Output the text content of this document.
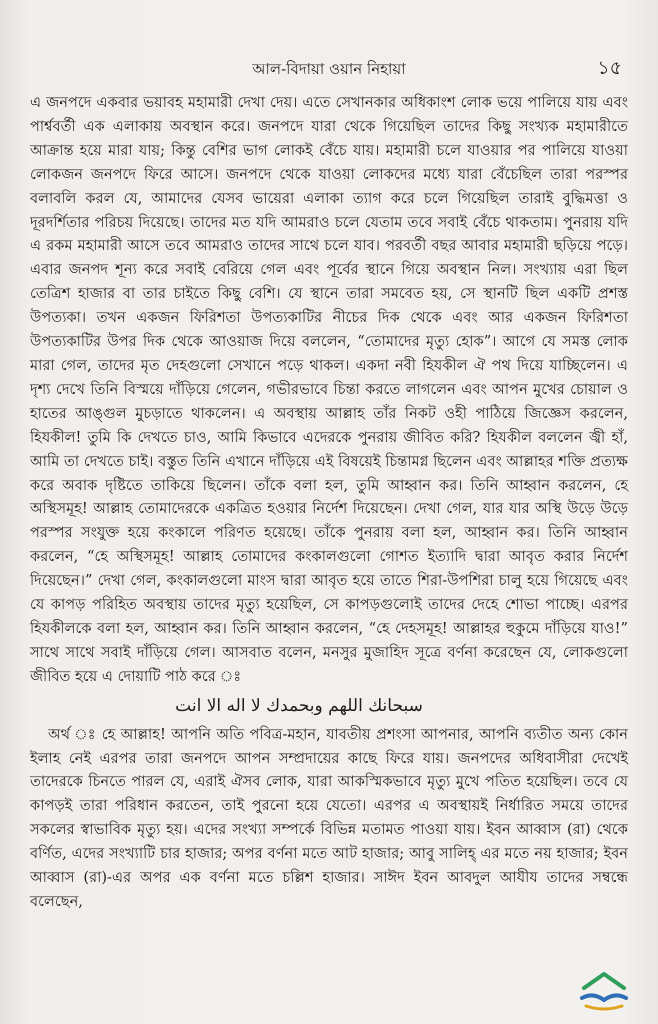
আল-বিদায়া ওয়ান নিহায়া	১৫

এ জনপদে একবার ভয়াবহ মহামারী দেখা দেয়। এতে সেখানকার অধিকাংশ লোক ভয়ে পালিয়ে যায় এবং পার্শ্ববর্তী এক এলাকায় অবস্থান করে। জনপদে যারা থেকে গিয়েছিল তাদের কিছু সংখ্যক মহামারীতে আক্রান্ত হয়ে মারা যায়; কিন্তু বেশির ভাগ লোকই বেঁচে যায়। মহামারী চলে যাওয়ার পর পালিয়ে যাওয়া লোকজন জনপদে ফিরে আসে। জনপদে থেকে যাওয়া লোকদের মধ্যে যারা বেঁচেছিল তারা পরস্পর বলাবলি করল যে, আমাদের যেসব ভায়েরা এলাকা ত্যাগ করে চলে গিয়েছিল তারাই বুদ্ধিমত্তা ও দূরদর্শিতার পরিচয় দিয়েছে। তাদের মত যদি আমরাও চলে যেতাম তবে সবাই বেঁচে থাকতাম। পুনরায় যদি এ রকম মহামারী আসে তবে আমরাও তাদের সাথে চলে যাব। পরবর্তী বছর আবার মহামারী ছড়িয়ে পড়ে। এবার জনপদ শূন্য করে সবাই বেরিয়ে গেল এবং পূর্বের স্থানে গিয়ে অবস্থান নিল। সংখ্যায় এরা ছিল তেত্রিশ হাজার বা তার চাইতে কিছু বেশি। যে স্থানে তারা সমবেত হয়, সে স্থানটি ছিল একটি প্রশস্ত উপত্যকা। তখন একজন ফিরিশতা উপত্যকাটির নীচের দিক থেকে এবং আর একজন ফিরিশতা উপত্যকাটির উপর দিক থেকে আওয়াজ দিয়ে বললেন, “তোমাদের মৃত্যু হোক”। আগে যে সমস্ত লোক মারা গেল, তাদের মৃত দেহগুলো সেখানে পড়ে থাকল। একদা নবী হিযকীল ঐ পথ দিয়ে যাচ্ছিলেন। এ দৃশ্য দেখে তিনি বিস্ময়ে দাঁড়িয়ে গেলেন, গভীরভাবে চিন্তা করতে লাগলেন এবং আপন মুখের চোয়াল ও হাতের আঙ্গুল মুচড়াতে থাকলেন। এ অবস্থায় আল্লাহ তাঁর নিকট ওহী পাঠিয়ে জিজ্ঞেস করলেন, হিযকীল! তুমি কি দেখতে চাও, আমি কিভাবে এদেরকে পুনরায় জীবিত করি? হিযকীল বললেন জ্বী হাঁ, আমি তা দেখতে চাই। বস্তুত তিনি এখানে দাঁড়িয়ে এই বিষয়েই চিন্তামগ্ন ছিলেন এবং আল্লাহর শক্তি প্রত্যক্ষ করে অবাক দৃষ্টিতে তাকিয়ে ছিলেন। তাঁকে বলা হল, তুমি আহ্বান কর। তিনি আহ্বান করলেন, হে অস্থিসমূহ! আল্লাহ তোমাদেরকে একত্রিত হওয়ার নির্দেশ দিয়েছেন। দেখা গেল, যার যার অস্থি উড়ে উড়ে পরস্পর সংযুক্ত হয়ে কংকালে পরিণত হয়েছে। তাঁকে পুনরায় বলা হল, আহ্বান কর। তিনি আহ্বান করলেন, “হে অস্থিসমূহ! আল্লাহ তোমাদের কংকালগুলো গোশত ইত্যাদি দ্বারা আবৃত করার নির্দেশ দিয়েছেন।” দেখা গেল, কংকালগুলো মাংস দ্বারা আবৃত হয়ে তাতে শিরা-উপশিরা চালু হয়ে গিয়েছে এবং যে কাপড় পরিহিত অবস্থায় তাদের মৃত্যু হয়েছিল, সে কাপড়গুলোই তাদের দেহে শোভা পাচ্ছে। এরপর হিযকীলকে বলা হল, আহ্বান কর। তিনি আহ্বান করলেন, “হে দেহসমূহ! আল্লাহর হুকুমে দাঁড়িয়ে যাও!” সাথে সাথে সবাই দাঁড়িয়ে গেল। আসবাত বলেন, মনসুর মুজাহিদ সূত্রে বর্ণনা করেছেন যে, লোকগুলো জীবিত হয়ে এ দোয়াটি পাঠ করে ঃ

سبحانك اللهم وبحمدك لا اله الا انت

অর্থ ঃ হে আল্লাহ! আপনি অতি পবিত্র-মহান, যাবতীয় প্রশংসা আপনার, আপনি ব্যতীত অন্য কোন ইলাহ নেই এরপর তারা জনপদে আপন সম্প্রদায়ের কাছে ফিরে যায়। জনপদের অধিবাসীরা দেখেই তাদেরকে চিনতে পারল যে, এরাই ঐসব লোক, যারা আকস্মিকভাবে মৃত্যু মুখে পতিত হয়েছিল। তবে যে কাপড়ই তারা পরিধান করতেন, তাই পুরনো হয়ে যেতো। এরপর এ অবস্থায়ই নির্ধারিত সময়ে তাদের সকলের স্বাভাবিক মৃত্যু হয়। এদের সংখ্যা সম্পর্কে বিভিন্ন মতামত পাওয়া যায়। ইবন আব্বাস (রা) থেকে বর্ণিত, এদের সংখ্যাটি চার হাজার; অপর বর্ণনা মতে আট হাজার; আবু সালিহ্ এর মতে নয় হাজার; ইবন আব্বাস (রা)-এর অপর এক বর্ণনা মতে চল্লিশ হাজার। সাঈদ ইবন আবদুল আযীয তাদের সম্বন্ধে বলেছেন,
